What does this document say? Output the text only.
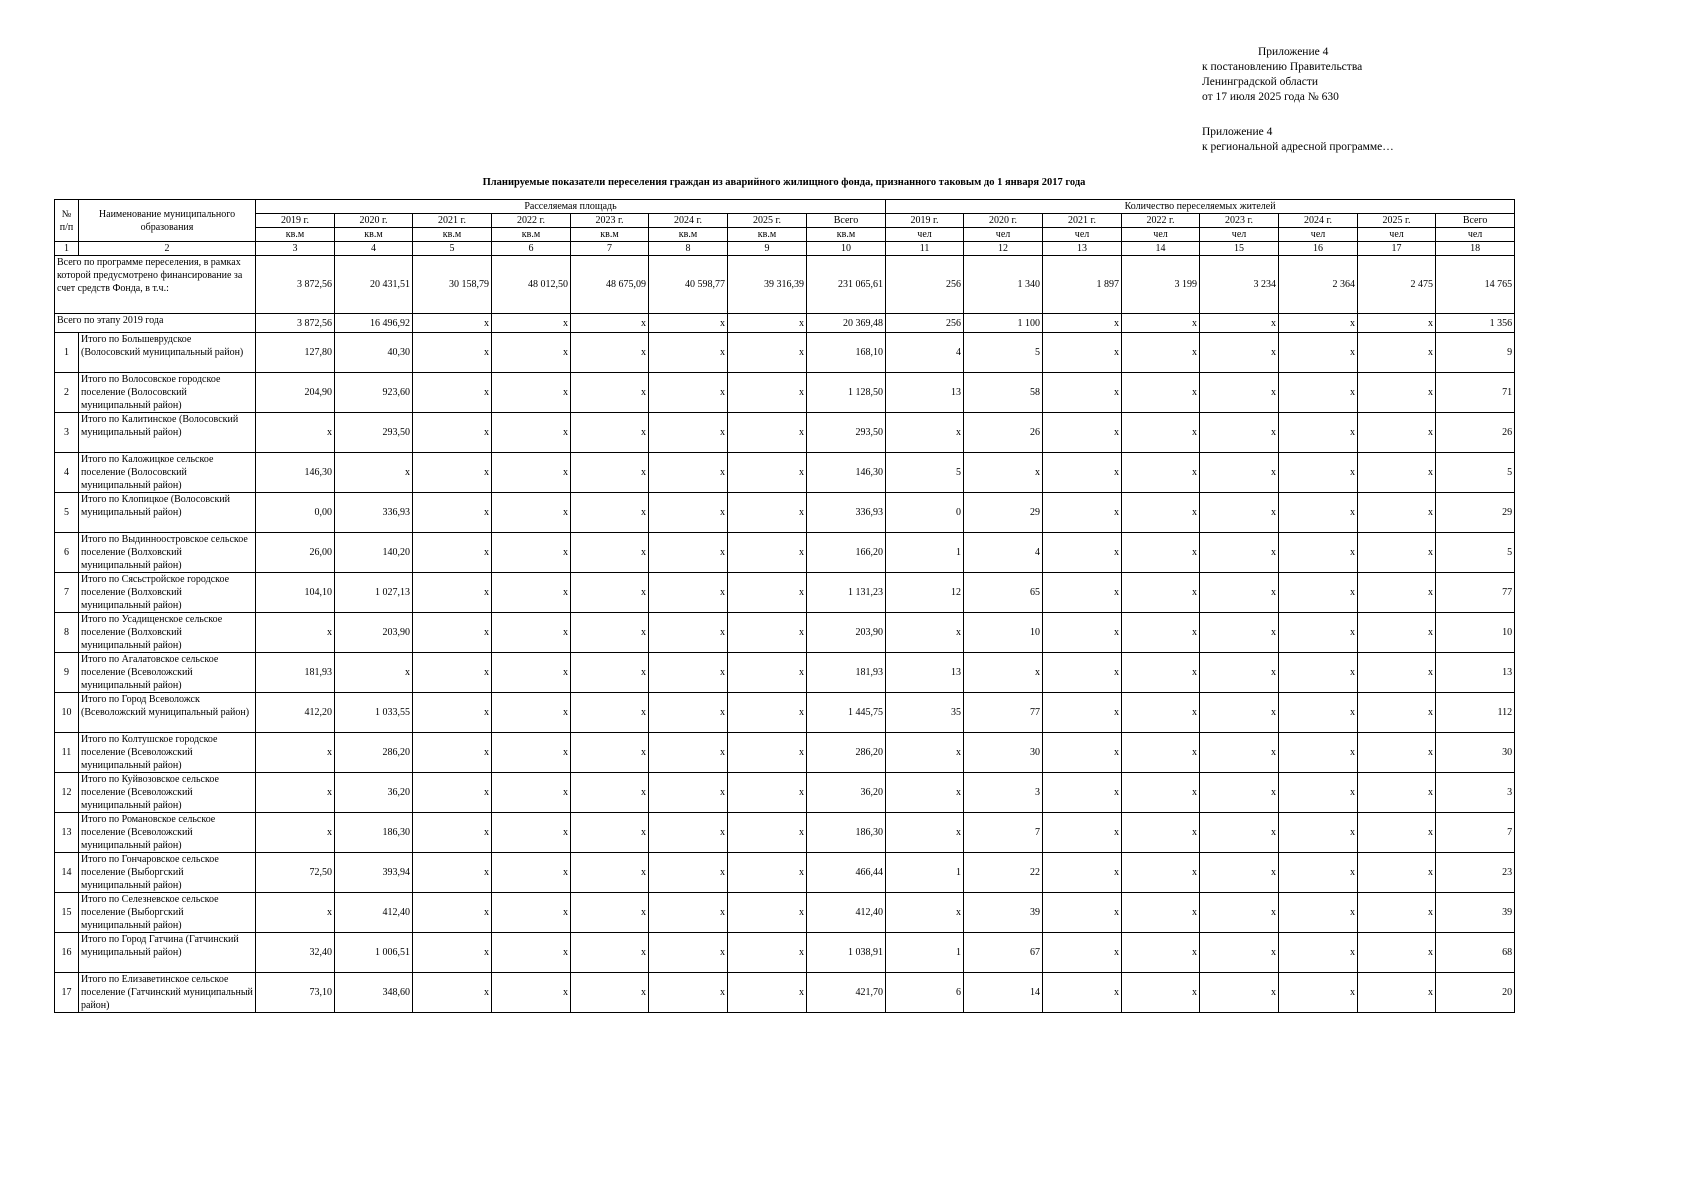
Приложение 4
к постановлению Правительства
Ленинградской области
от 17 июля 2025 года № 630
Приложение 4
к региональной адресной программе…
Планируемые показатели переселения граждан из аварийного жилищного фонда, признанного таковым до 1 января 2017 года
№ п/п	Наименование муниципального образования	Расселяемая площадь								Количество переселяемых жителей							
		2019 г.	2020 г.	2021 г.	2022 г.	2023 г.	2024 г.	2025 г.	Всего	2019 г.	2020 г.	2021 г.	2022 г.	2023 г.	2024 г.	2025 г.	Всего
		кв.м	кв.м	кв.м	кв.м	кв.м	кв.м	кв.м	кв.м	чел	чел	чел	чел	чел	чел	чел	чел
1	2	3	4	5	6	7	8	9	10	11	12	13	14	15	16	17	18
Всего по программе переселения, в рамках которой предусмотрено финансирование за счет средств Фонда, в т.ч.:		3 872,56	20 431,51	30 158,79	48 012,50	48 675,09	40 598,77	39 316,39	231 065,61	256	1 340	1 897	3 199	3 234	2 364	2 475	14 765
Всего по этапу 2019 года		3 872,56	16 496,92	x	x	x	x	x	20 369,48	256	1 100	x	x	x	x	x	1 356
1	Итого по Большеврудское (Волосовский муниципальный район)	127,80	40,30	x	x	x	x	x	168,10	4	5	x	x	x	x	x	9
2	Итого по Волосовское городское поселение (Волосовский муниципальный район)	204,90	923,60	x	x	x	x	x	1 128,50	13	58	x	x	x	x	x	71
3	Итого по Калитинское (Волосовский муниципальный район)	x	293,50	x	x	x	x	x	293,50	x	26	x	x	x	x	x	26
4	Итого по Каложицкое сельское поселение (Волосовский муниципальный район)	146,30	x	x	x	x	x	x	146,30	5	x	x	x	x	x	x	5
5	Итого по Клопицкое (Волосовский муниципальный район)	0,00	336,93	x	x	x	x	x	336,93	0	29	x	x	x	x	x	29
6	Итого по Выдинноостровское сельское поселение (Волховский муниципальный район)	26,00	140,20	x	x	x	x	x	166,20	1	4	x	x	x	x	x	5
7	Итого по Сясьстройское городское поселение (Волховский муниципальный район)	104,10	1 027,13	x	x	x	x	x	1 131,23	12	65	x	x	x	x	x	77
8	Итого по Усадищенское сельское поселение (Волховский муниципальный район)	x	203,90	x	x	x	x	x	203,90	x	10	x	x	x	x	x	10
9	Итого по Агалатовское сельское поселение (Всеволожский муниципальный район)	181,93	x	x	x	x	x	x	181,93	13	x	x	x	x	x	x	13
10	Итого по Город Всеволожск (Всеволожский муниципальный район)	412,20	1 033,55	x	x	x	x	x	1 445,75	35	77	x	x	x	x	x	112
11	Итого по Колтушское городское поселение (Всеволожский муниципальный район)	x	286,20	x	x	x	x	x	286,20	x	30	x	x	x	x	x	30
12	Итого по Куйвозовское сельское поселение (Всеволожский муниципальный район)	x	36,20	x	x	x	x	x	36,20	x	3	x	x	x	x	x	3
13	Итого по Романовское сельское поселение (Всеволожский муниципальный район)	x	186,30	x	x	x	x	x	186,30	x	7	x	x	x	x	x	7
14	Итого по Гончаровское сельское поселение (Выборгский муниципальный район)	72,50	393,94	x	x	x	x	x	466,44	1	22	x	x	x	x	x	23
15	Итого по Селезневское сельское поселение (Выборгский муниципальный район)	x	412,40	x	x	x	x	x	412,40	x	39	x	x	x	x	x	39
16	Итого по Город Гатчина (Гатчинский муниципальный район)	32,40	1 006,51	x	x	x	x	x	1 038,91	1	67	x	x	x	x	x	68
17	Итого по Елизаветинское сельское поселение (Гатчинский муниципальный район)	73,10	348,60	x	x	x	x	x	421,70	6	14	x	x	x	x	x	20
